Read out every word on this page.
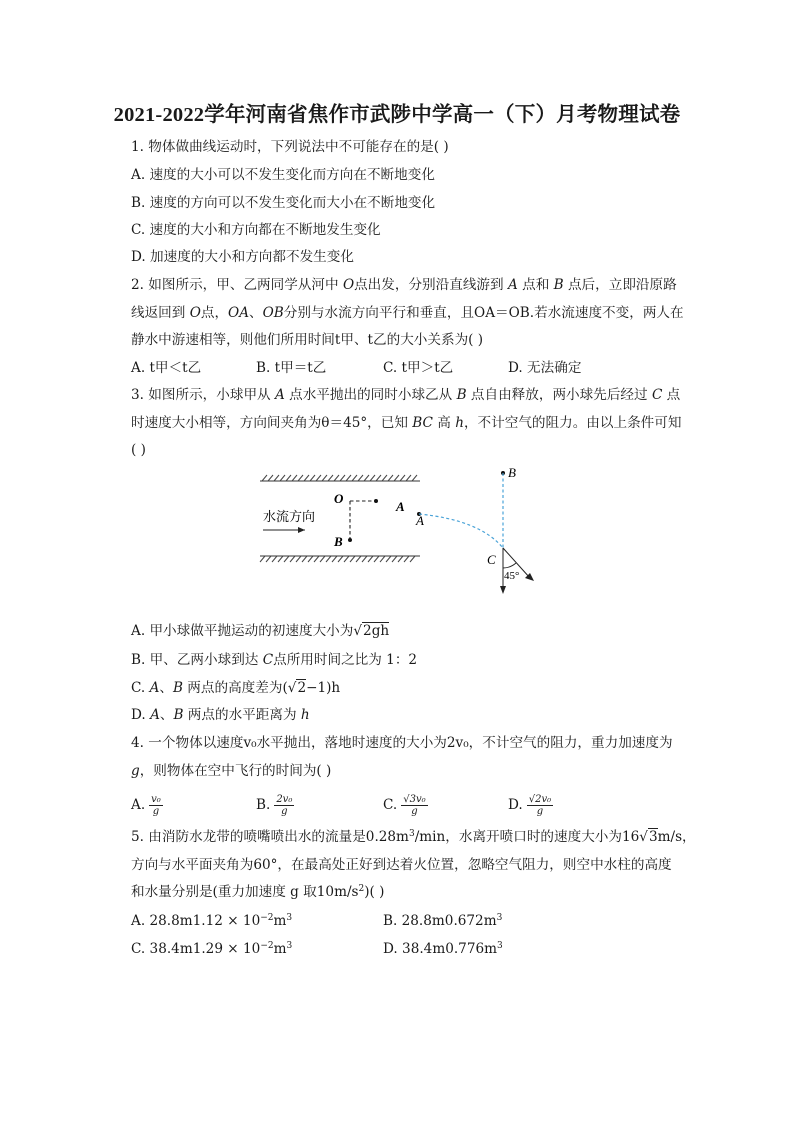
2021-2022学年河南省焦作市武陟中学高一（下）月考物理试卷
1. 物体做曲线运动时，下列说法中不可能存在的是( )
A. 速度的大小可以不发生变化而方向在不断地变化
B. 速度的方向可以不发生变化而大小在不断地变化
C. 速度的大小和方向都在不断地发生变化
D. 加速度的大小和方向都不发生变化
2. 如图所示，甲、乙两同学从河中 O点出发，分别沿直线游到 A 点和 B 点后，立即沿原路
线返回到 O点，OA、OB分别与水流方向平行和垂直，且OA＝OB.若水流速度不变，两人在
静水中游速相等，则他们所用时间t甲、t乙的大小关系为( )
A. t甲＜t乙	B. t甲＝t乙	C. t甲＞t乙	D. 无法确定
3. 如图所示，小球甲从 A 点水平抛出的同时小球乙从 B 点自由释放，两小球先后经过 C 点
时速度大小相等，方向间夹角为θ＝45°，已知 BC 高 h，不计空气的阻力。由以上条件可知
( )
O
A
B
水流方向	A
B
C
45°
A. 甲小球做平抛运动的初速度大小为√2gh
B. 甲、乙两小球到达 C点所用时间之比为 1：2
C. A、B 两点的高度差为(√2−1)h
D. A、B 两点的水平距离为 h
4. 一个物体以速度v₀水平抛出，落地时速度的大小为2v₀，不计空气的阻力，重力加速度为
g，则物体在空中飞行的时间为( )
A. $\frac{\text{v₀}}{g}$	B. $\frac{\text{2v₀}}{g}$	C. $\frac{\text{√3v₀}}{g}$	D. $\frac{\text{√2v₀}}{g}$
5. 由消防水龙带的喷嘴喷出水的流量是$0.28m^3/\min$，水离开喷口时的速度大小为16√3m/s，
方向与水平面夹角为60°，在最高处正好到达着火位置，忽略空气阻力，则空中水柱的高度
和水量分别是(重力加速度 g 取$10m/s^2$)( )
A. $28.8m1.12 \times 10^{-2}m^3$	B. $28.8m0.672m^3$
C. $38.4m1.29 \times 10^{-2}m^3$	D. $38.4m0.776m^3$
